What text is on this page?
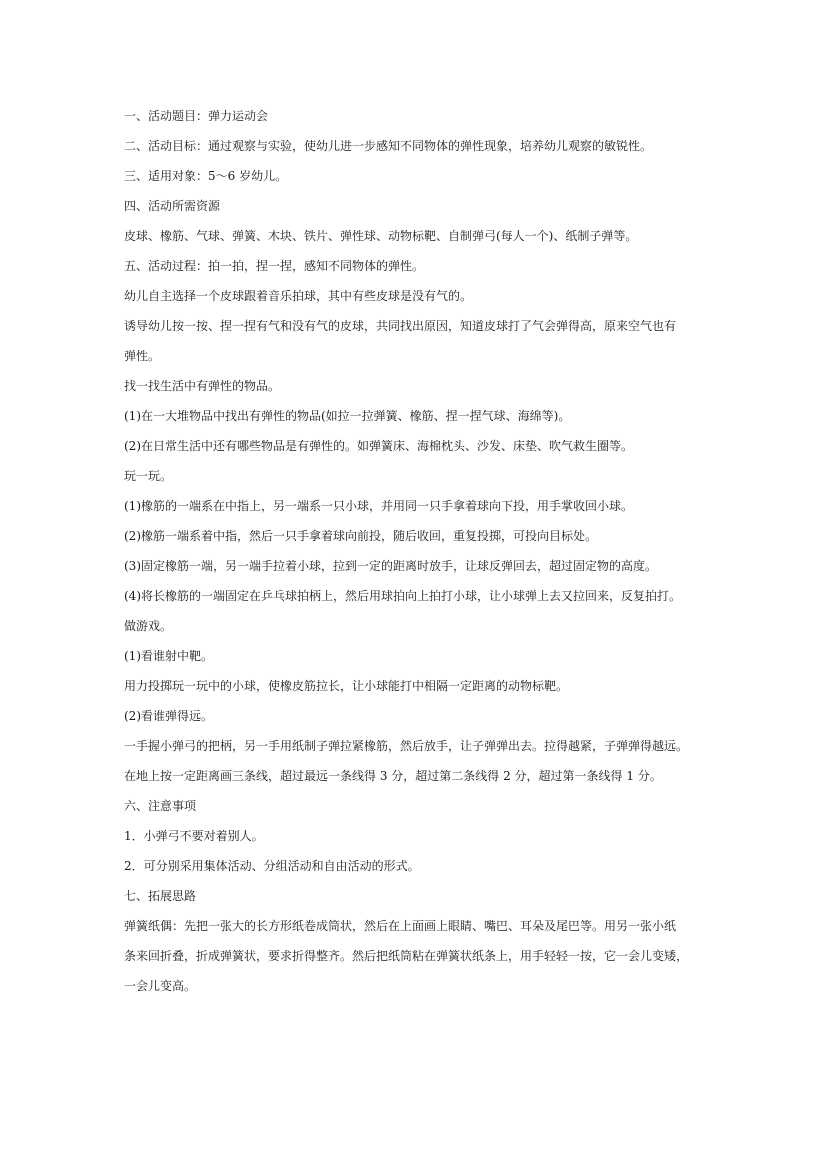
一、活动题目：弹力运动会
二、活动目标：通过观察与实验，使幼儿进一步感知不同物体的弹性现象，培养幼儿观察的敏锐性。
三、适用对象：5～6 岁幼儿。
四、活动所需资源
皮球、橡筋、气球、弹簧、木块、铁片、弹性球、动物标靶、自制弹弓(每人一个)、纸制子弹等。
五、活动过程：拍一拍，捏一捏，感知不同物体的弹性。
幼儿自主选择一个皮球跟着音乐拍球，其中有些皮球是没有气的。
诱导幼儿按一按、捏一捏有气和没有气的皮球，共同找出原因，知道皮球打了气会弹得高，原来空气也有
弹性。
找一找生活中有弹性的物品。
(1)在一大堆物品中找出有弹性的物品(如拉一拉弹簧、橡筋、捏一捏气球、海绵等)。
(2)在日常生活中还有哪些物品是有弹性的。如弹簧床、海棉枕头、沙发、床垫、吹气救生圈等。
玩一玩。
(1)橡筋的一端系在中指上，另一端系一只小球，并用同一只手拿着球向下投，用手掌收回小球。
(2)橡筋一端系着中指，然后一只手拿着球向前投，随后收回，重复投掷，可投向目标处。
(3)固定橡筋一端，另一端手拉着小球，拉到一定的距离时放手，让球反弹回去，超过固定物的高度。
(4)将长橡筋的一端固定在乒乓球拍柄上，然后用球拍向上拍打小球，让小球弹上去又拉回来，反复拍打。
做游戏。
(1)看谁射中靶。
用力投掷玩一玩中的小球，使橡皮筋拉长，让小球能打中相隔一定距离的动物标靶。
(2)看谁弹得远。
一手握小弹弓的把柄，另一手用纸制子弹拉紧橡筋，然后放手，让子弹弹出去。拉得越紧，子弹弹得越远。
在地上按一定距离画三条线，超过最远一条线得 3 分，超过第二条线得 2 分，超过第一条线得 1 分。
六、注意事项
1．小弹弓不要对着别人。
2．可分别采用集体活动、分组活动和自由活动的形式。
七、拓展思路
弹簧纸偶：先把一张大的长方形纸卷成筒状，然后在上面画上眼睛、嘴巴、耳朵及尾巴等。用另一张小纸
条来回折叠，折成弹簧状，要求折得整齐。然后把纸筒粘在弹簧状纸条上，用手轻轻一按，它一会儿变矮，
一会儿变高。
